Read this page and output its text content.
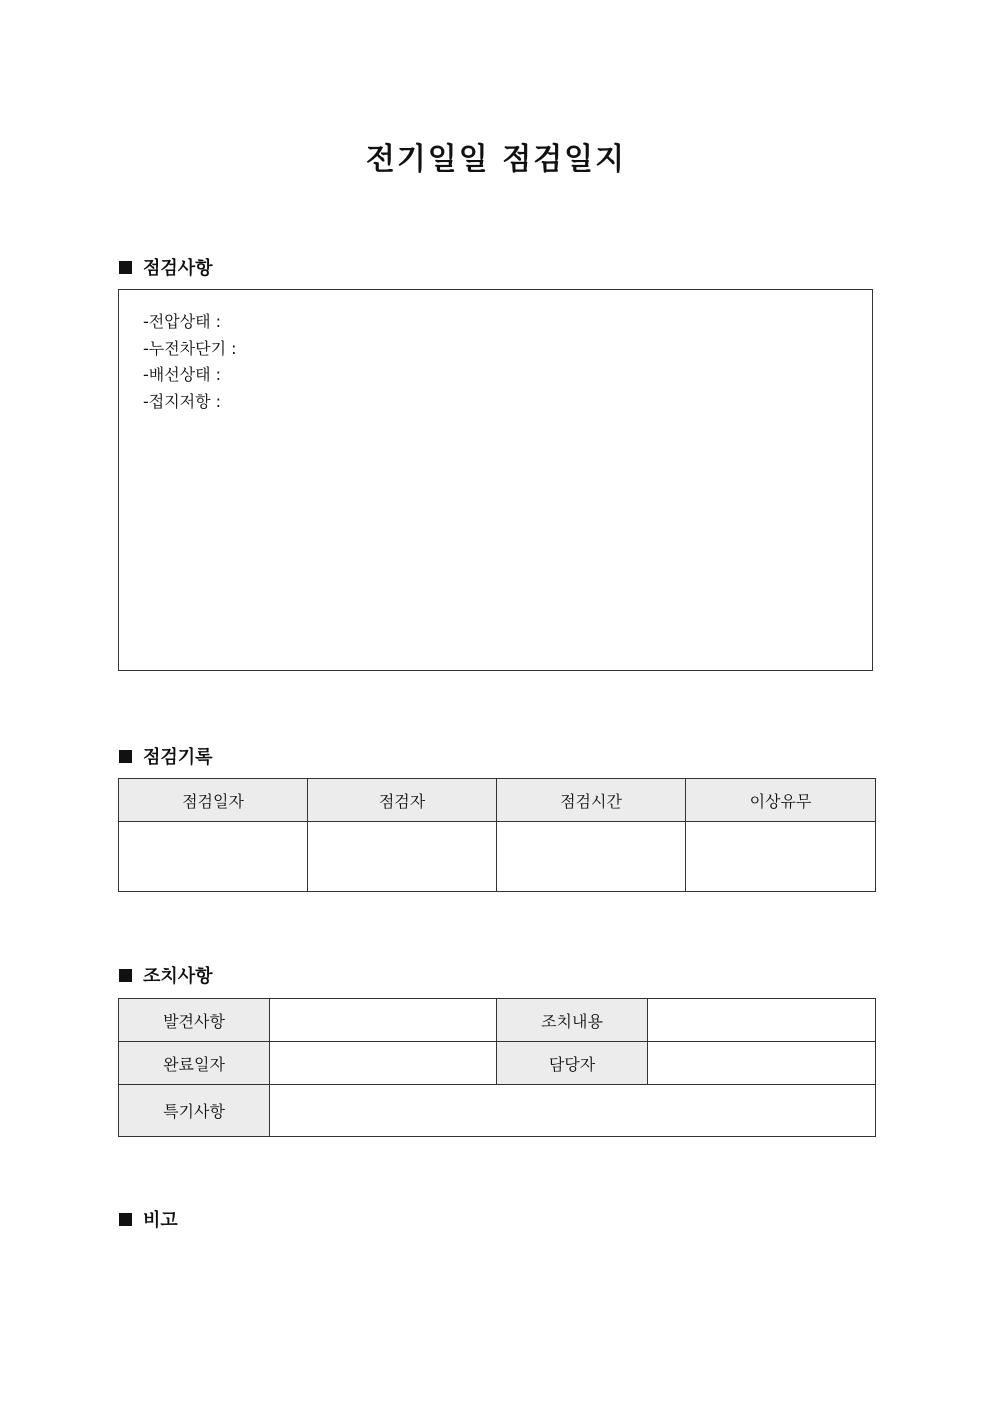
전기일일 점검일지
점검사항
-전압상태 :
-누전차단기 :
-배선상태 :
-접지저항 :
점검기록
점검일자	점검자	점검시간	이상유무

조치사항
발견사항		조치내용	
완료일자		담당자	
특기사항			
비고
